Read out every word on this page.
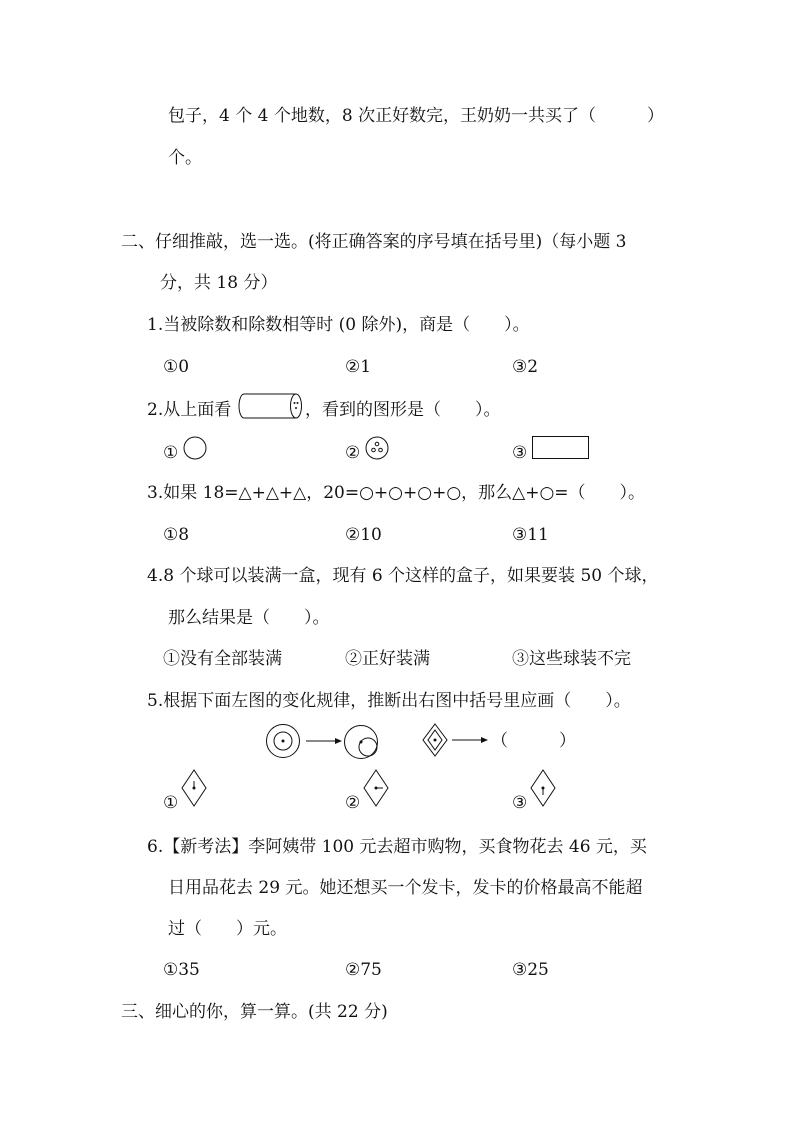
包子，4 个 4 个地数，8 次正好数完，王奶奶一共买了（　　　）
个。
二、仔细推敲，选一选。(将正确答案的序号填在括号里)（每小题 3
分，共 18 分）
1.当被除数和除数相等时 (0 除外)，商是（　　）。
①0	②1	③2
2.从上面看	，看到的图形是（　　）。
①	②	③
3.如果 18=△+△+△，20=○+○+○+○，那么△+○=（　　）。
①8	②10	③11
4.8 个球可以装满一盒，现有 6 个这样的盒子，如果要装 50 个球，
那么结果是（　　）。
①没有全部装满	②正好装满	③这些球装不完
5.根据下面左图的变化规律，推断出右图中括号里应画（　　）。
（　　　）
①	②	③
6.【新考法】李阿姨带 100 元去超市购物，买食物花去 46 元，买
日用品花去 29 元。她还想买一个发卡，发卡的价格最高不能超
过（　　）元。
①35	②75	③25
三、细心的你，算一算。(共 22 分)
